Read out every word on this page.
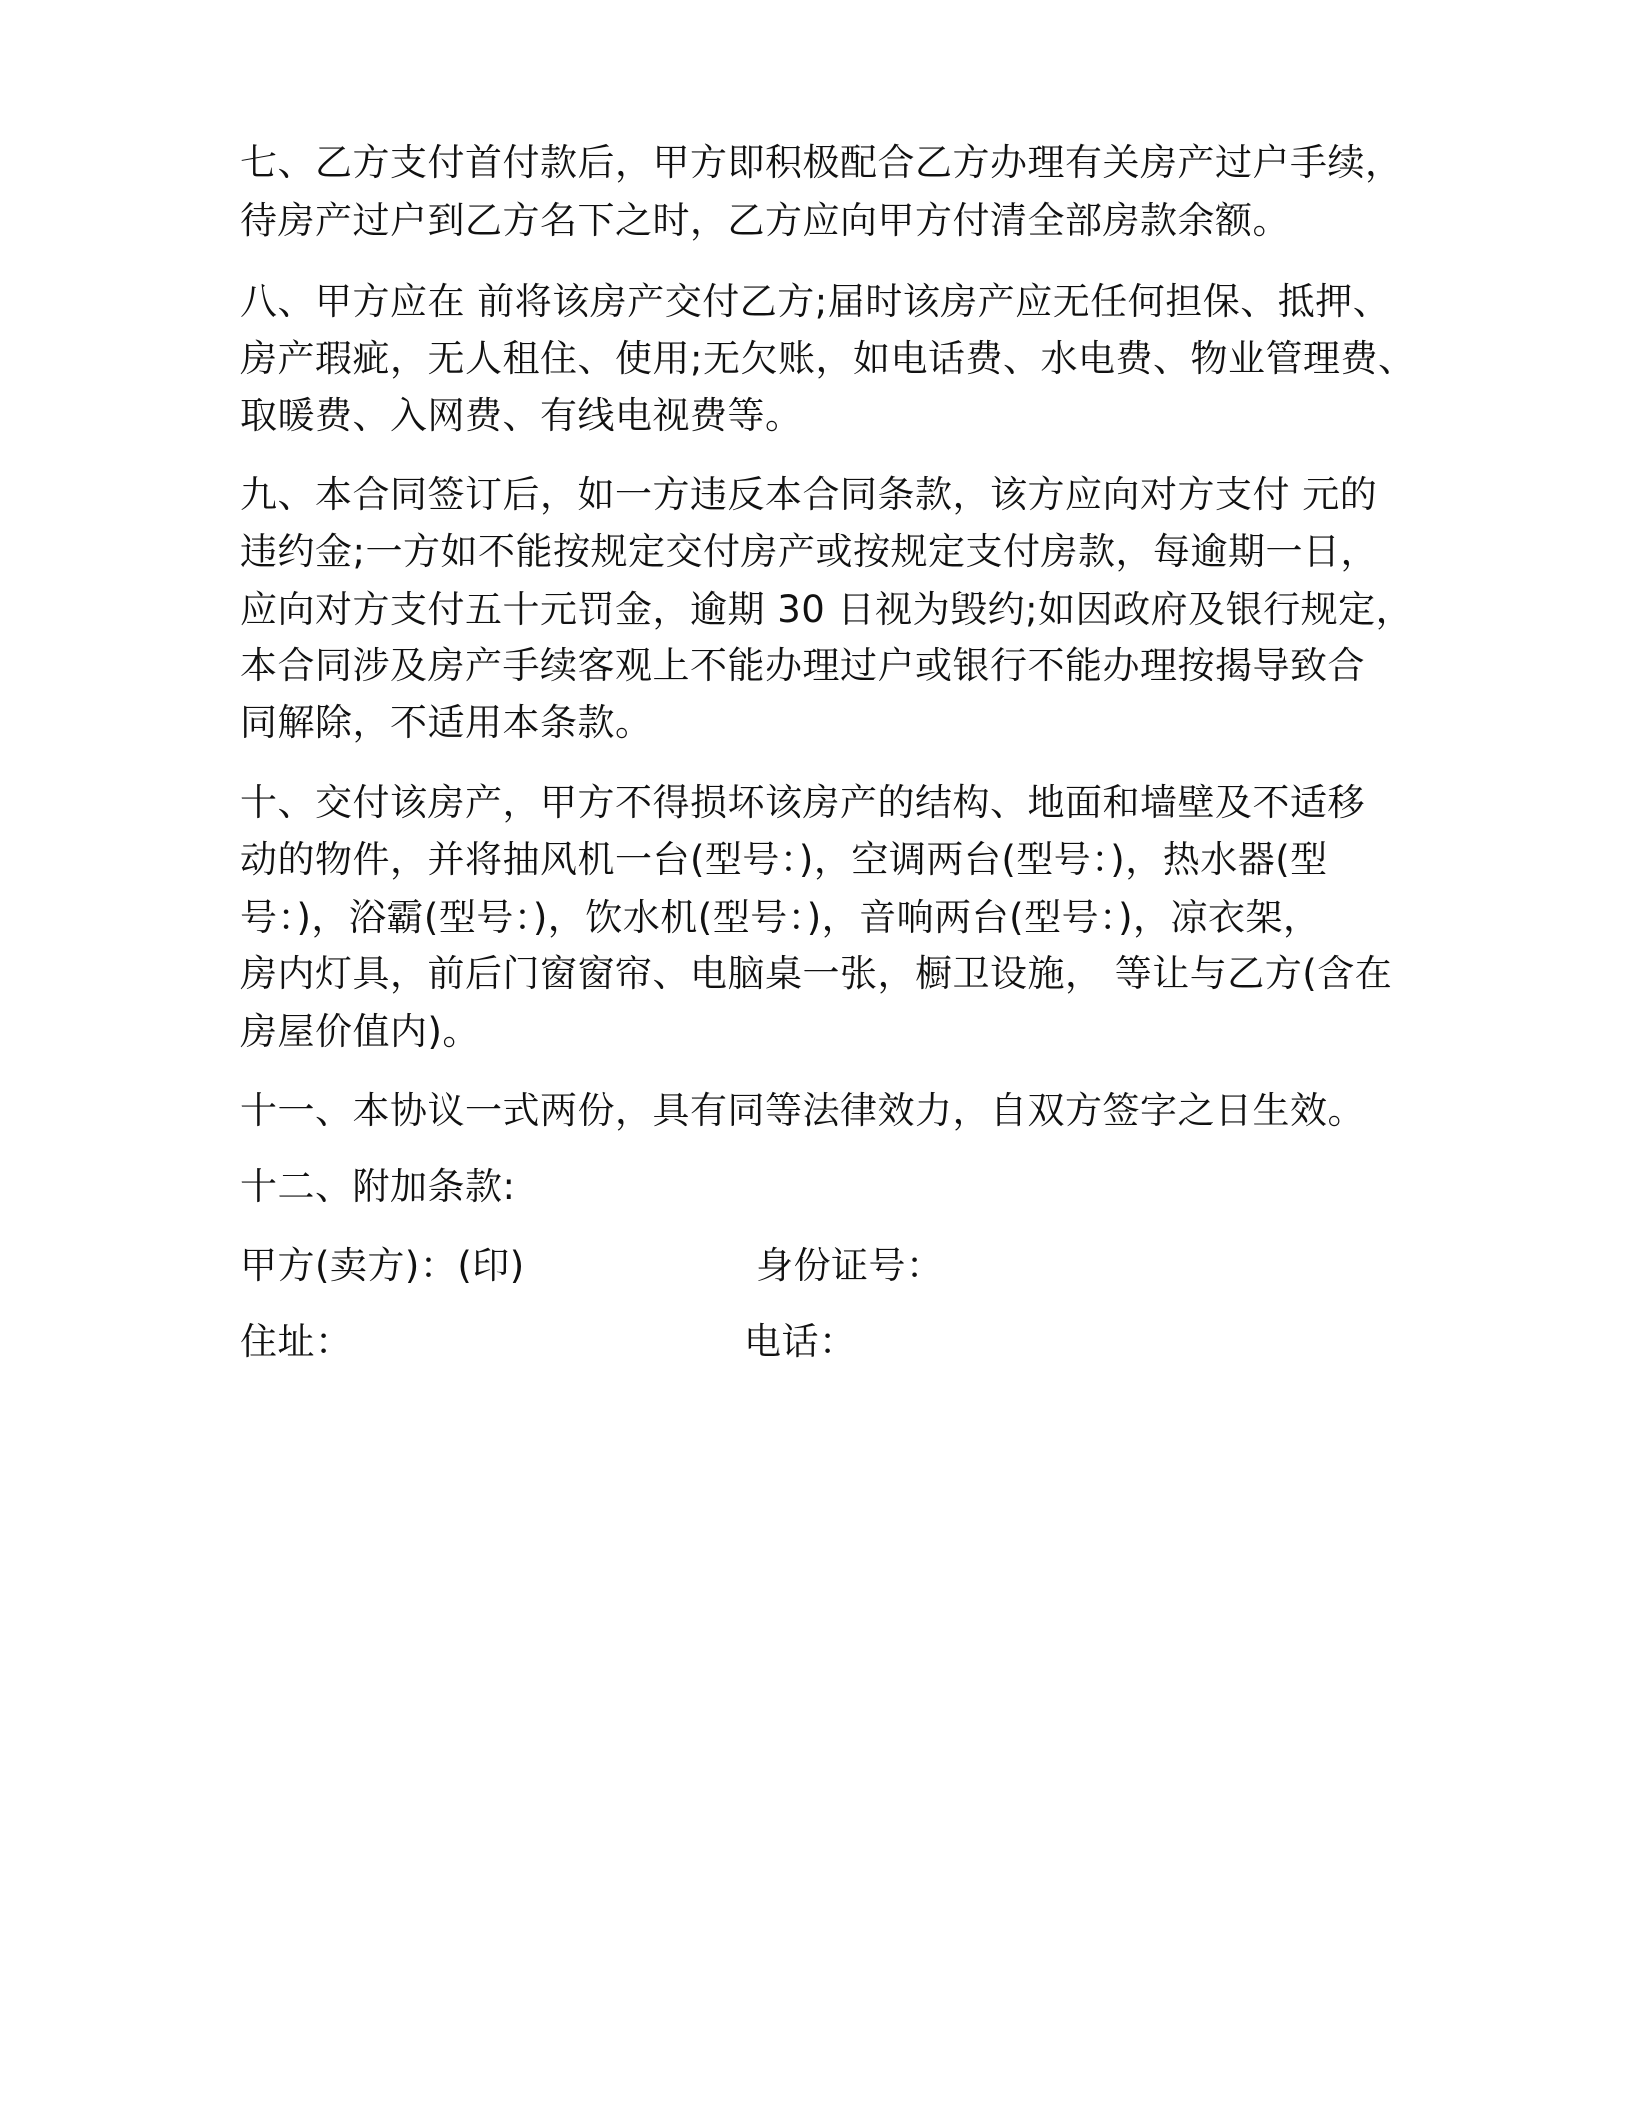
七、乙方支付首付款后，甲方即积极配合乙方办理有关房产过户手续，
待房产过户到乙方名下之时，乙方应向甲方付清全部房款余额。
八、甲方应在 前将该房产交付乙方;届时该房产应无任何担保、抵押、
房产瑕疵，无人租住、使用;无欠账，如电话费、水电费、物业管理费、
取暖费、入网费、有线电视费等。
九、本合同签订后，如一方违反本合同条款，该方应向对方支付 元的
违约金;一方如不能按规定交付房产或按规定支付房款，每逾期一日，
应向对方支付五十元罚金，逾期 30 日视为毁约;如因政府及银行规定，
本合同涉及房产手续客观上不能办理过户或银行不能办理按揭导致合
同解除，不适用本条款。
十、交付该房产，甲方不得损坏该房产的结构、地面和墙壁及不适移
动的物件，并将抽风机一台(型号：)，空调两台(型号：)，热水器(型
号：)，浴霸(型号：)，饮水机(型号：)，音响两台(型号：)，凉衣架，
房内灯具，前后门窗窗帘、电脑桌一张，橱卫设施， 等让与乙方(含在
房屋价值内)。
十一、本协议一式两份，具有同等法律效力，自双方签字之日生效。
十二、附加条款:
甲方(卖方)：(印)	身份证号：
住址：	电话：
